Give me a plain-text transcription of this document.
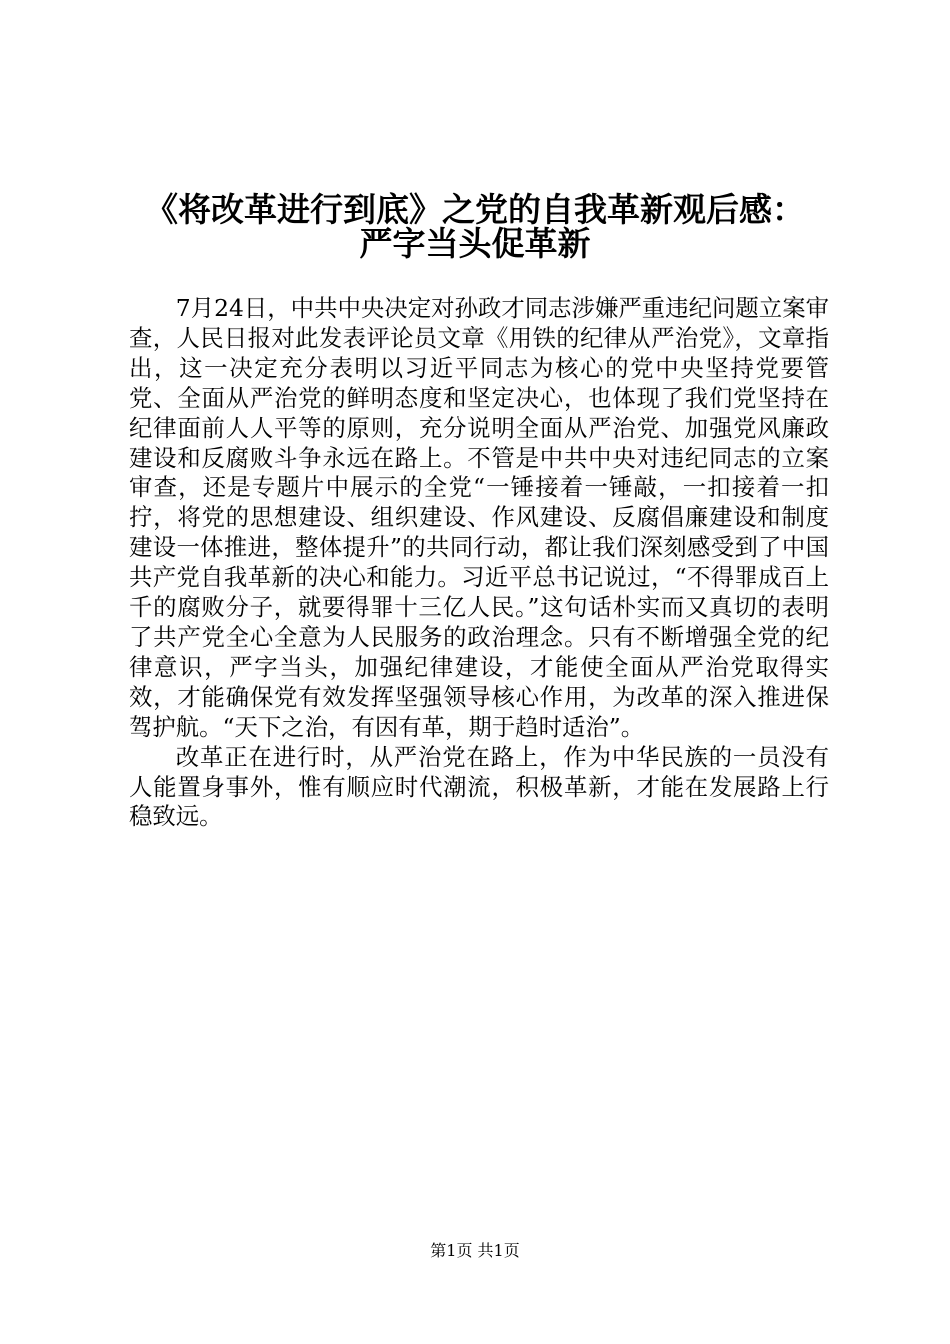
《将改革进行到底》之党的自我革新观后感：
严字当头促革新

7月24日，中共中央决定对孙政才同志涉嫌严重违纪问题立案审查，人民日报对此发表评论员文章《用铁的纪律从严治党》，文章指出，这一决定充分表明以习近平同志为核心的党中央坚持党要管党、全面从严治党的鲜明态度和坚定决心，也体现了我们党坚持在纪律面前人人平等的原则，充分说明全面从严治党、加强党风廉政建设和反腐败斗争永远在路上。不管是中共中央对违纪同志的立案审查，还是专题片中展示的全党“一锤接着一锤敲，一扣接着一扣拧，将党的思想建设、组织建设、作风建设、反腐倡廉建设和制度建设一体推进，整体提升”的共同行动，都让我们深刻感受到了中国共产党自我革新的决心和能力。习近平总书记说过，“不得罪成百上千的腐败分子，就要得罪十三亿人民。”这句话朴实而又真切的表明了共产党全心全意为人民服务的政治理念。只有不断增强全党的纪律意识，严字当头，加强纪律建设，才能使全面从严治党取得实效，才能确保党有效发挥坚强领导核心作用，为改革的深入推进保驾护航。“天下之治，有因有革，期于趋时适治”。

改革正在进行时，从严治党在路上，作为中华民族的一员没有人能置身事外，惟有顺应时代潮流，积极革新，才能在发展路上行稳致远。

第1页 共1页
